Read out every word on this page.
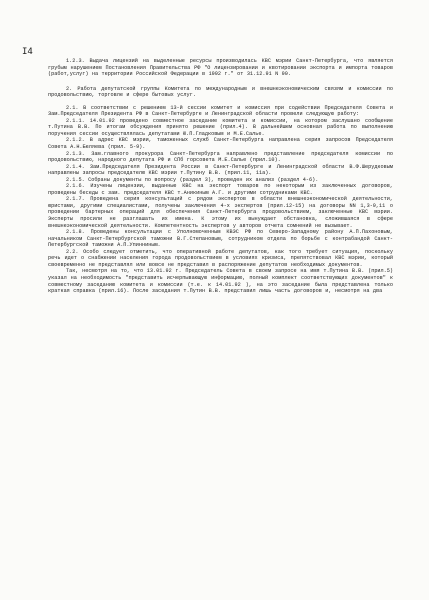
I4

1.2.3. Выдача лицензий на выделенные ресурсы производилась КВС мэрии Санкт-Петербурга, что является грубым нарушением Постановления Правительства РФ "О лицензировании и квотировании экспорта и импорта товаров (работ,услуг) на территории Российской Федерации в 1992 г." от 31.12.91 N 90.

2. Работа депутатской группы Комитета по международным и внешнеэкономическим связям и комиссии по продовольствию, торговле и сфере бытовых услуг.

2.1. В соответствии с решением 13-й сессии комитет и комиссия при содействии Председателя Совета и Зам.Председателя Президента РФ в Санкт-Петербурге и Ленинградской области провели следующую работу:

2.1.1. 14.01.92 проведено совместное заседание комитета и комиссии, на котором заслушано сообщение т.Путина В.В. По итогам обсуждения принято решение (прил.4). В дальнейшем основная работа по выполнению поручения сессии осуществлялась депутатами Ю.П.Гладковым и М.Е.Салье.

2.1.2. В адрес КВС мэрии, таможенных служб Санкт-Петербурга направлена серия запросов Председателя Совета А.Н.Беляева (прил. 5-9).

2.1.3. Зам.главного прокурора Санкт-Петербурга направлено представление председателя комиссии по продовольствию, народного депутата РФ и СПб горсовета М.Е.Салье (прил.10).

2.1.4. Зам.Председателя Президента России в Санкт-Петербурге и Ленинградской области В.Ф.Шерудковым направлены запросы председателю КВС мэрии т.Путину В.В. (прил.11, 11а).

2.1.5. Собраны документы по вопросу (раздел 3), проведен их анализ (раздел 4-6).

2.1.6. Изучены лицензии, выданные КВС на экспорт товаров по некоторым из заключенных договоров, проведены беседы с зам. председателя КВС т.Аникиным А.Г. и другими сотрудниками КВС.

2.1.7. Проведена серия консультаций с рядом экспертов в области внешнеэкономической деятельности, юристами, другими специалистами, получены заключения 4-х экспертов (прил.12-15) на договоры NN 1,3-9,11 о проведении бартерных операций для обеспечения Санкт-Петербурга продовольствием, заключенные КВС мэрии. Эксперты просили не разглашать их имена. К этому их вынуждает обстановка, сложившаяся в сфере внешнеэкономической деятельности. Компетентность экспертов у авторов отчета сомнений не вызывает.

2.1.8. Проведены консультации с Уполномоченным КВЭС РФ по Северо-Западному району А.П.Пахоновым, начальником Санкт-Петербургской таможни В.Г.Степановым, сотрудником отдела по борьбе с контрабандой Санкт-Петербургской таможни А.П.Упинниным.

2.2. Особо следует отметить, что оперативной работе депутатов, как того требует ситуация, поскольку речь идет о снабжении населения города продовольствием в условиях кризиса, препятствовал КВС мэрии, который своевременно не представлял или вовсе не представил в распоряжение депутатов необходимых документов.

Так, несмотря на то, что 13.01.92 г. Председатель Совета в своем запросе на имя т.Путина В.В. (прил.5) указал на необходимость "представить исчерпывающую информацию, полный комплект соответствующих документов" к совместному заседанию комитета и комиссии (т.е. к 14.01.92 ), на это заседание была представлена только краткая справка (прил.16). После заседания т.Путин В.В. представил лишь часть договоров и, несмотря на два
